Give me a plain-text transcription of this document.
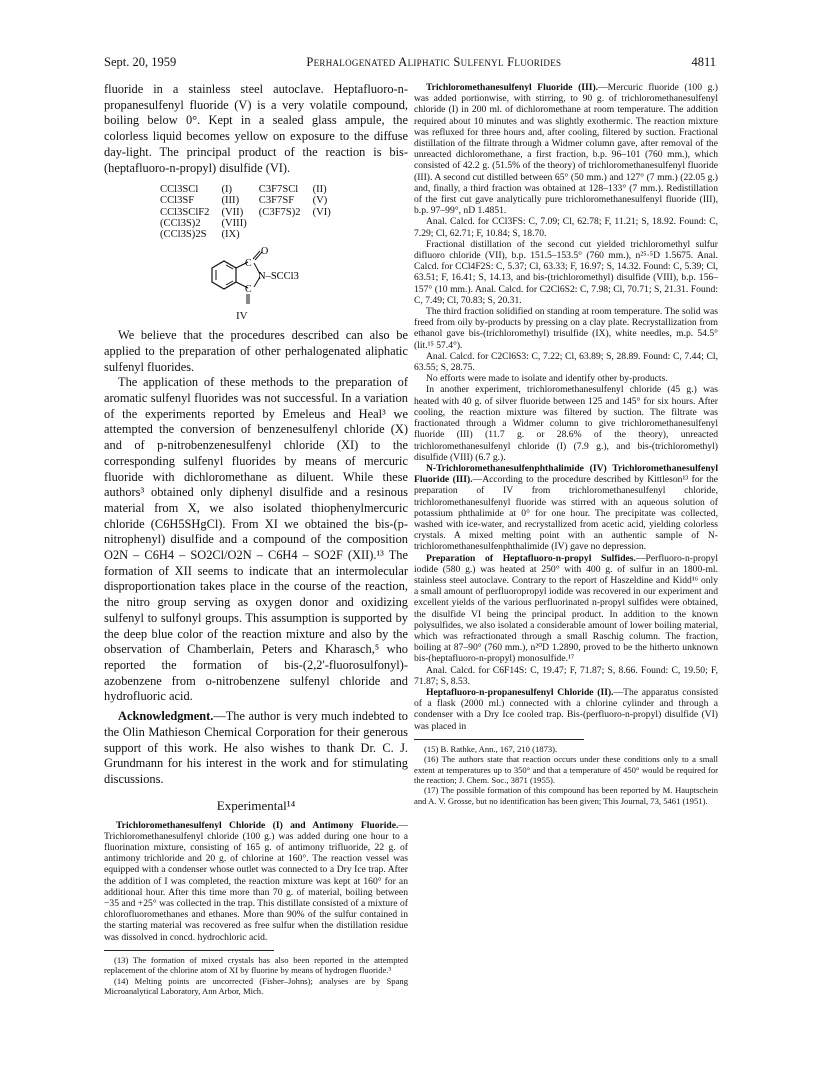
Sept. 20, 1959	Perhalogenated Aliphatic Sulfenyl Fluorides	4811

fluoride in a stainless steel autoclave. Heptafluoro-n-propanesulfenyl fluoride (V) is a very volatile compound, boiling below 0°. Kept in a sealed glass ampule, the colorless liquid becomes yellow on exposure to the diffuse day-light. The principal product of the reaction is bis-(heptafluoro-n-propyl) disulfide (VI).

CCl3SCl	(I)	C3F7SCl	(II)
CCl3SF	(III)	C3F7SF	(V)
CCl3SClF2	(VII)	(C3F7S)2	(VI)
(CCl3S)2	(VIII)		
(CCl3S)2S	(IX)		
C
C
O
N–SCCl3
IV

We believe that the procedures described can also be applied to the preparation of other perhalogenated aliphatic sulfenyl fluorides.

The application of these methods to the preparation of aromatic sulfenyl fluorides was not successful. In a variation of the experiments reported by Emeleus and Heal³ we attempted the conversion of benzenesulfenyl chloride (X) and of p-nitrobenzenesulfenyl chloride (XI) to the corresponding sulfenyl fluorides by means of mercuric fluoride with dichloromethane as diluent. While these authors³ obtained only diphenyl disulfide and a resinous material from X, we also isolated thiophenylmercuric chloride (C6H5SHgCl). From XI we obtained the bis-(p-nitrophenyl) disulfide and a compound of the composition O2N – C6H4 – SO2Cl/O2N – C6H4 – SO2F (XII).¹³ The formation of XII seems to indicate that an intermolecular disproportionation takes place in the course of the reaction, the nitro group serving as oxygen donor and oxidizing sulfenyl to sulfonyl groups. This assumption is supported by the deep blue color of the reaction mixture and also by the observation of Chamberlain, Peters and Kharasch,⁵ who reported the formation of bis-(2,2'-fluorosulfonyl)-azobenzene from o-nitrobenzene sulfenyl chloride and hydrofluoric acid.

Acknowledgment.—The author is very much indebted to the Olin Mathieson Chemical Corporation for their generous support of this work. He also wishes to thank Dr. C. J. Grundmann for his interest in the work and for stimulating discussions.

Experimental¹⁴

Trichloromethanesulfenyl Chloride (I) and Antimony Fluoride.—Trichloromethanesulfenyl chloride (100 g.) was added during one hour to a fluorination mixture, consisting of 165 g. of antimony trifluoride, 22 g. of antimony trichloride and 20 g. of chlorine at 160°. The reaction vessel was equipped with a condenser whose outlet was connected to a Dry Ice trap. After the addition of I was completed, the reaction mixture was kept at 160° for an additional hour. After this time more than 70 g. of material, boiling between −35 and +25° was collected in the trap. This distillate consisted of a mixture of chlorofluoromethanes and ethanes. More than 90% of the sulfur contained in the starting material was recovered as free sulfur when the distillation residue was dissolved in concd. hydrochloric acid.

(13) The formation of mixed crystals has also been reported in the attempted replacement of the chlorine atom of XI by fluorine by means of hydrogen fluoride.³

(14) Melting points are uncorrected (Fisher–Johns); analyses are by Spang Microanalytical Laboratory, Ann Arbor, Mich.

Trichloromethanesulfenyl Fluoride (III).—Mercuric fluoride (100 g.) was added portionwise, with stirring, to 90 g. of trichloromethanesulfenyl chloride (I) in 200 ml. of dichloromethane at room temperature. The addition required about 10 minutes and was slightly exothermic. The reaction mixture was refluxed for three hours and, after cooling, filtered by suction. Fractional distillation of the filtrate through a Widmer column gave, after removal of the unreacted dichloromethane, a first fraction, b.p. 96–101 (760 mm.), which consisted of 42.2 g. (51.5% of the theory) of trichloromethanesulfenyl fluoride (III). A second cut distilled between 65° (50 mm.) and 127° (7 mm.) (22.05 g.) and, finally, a third fraction was obtained at 128–133° (7 mm.). Redistillation of the first cut gave analytically pure trichloromethanesulfenyl fluoride (III), b.p. 97–99°, nD 1.4851.

Anal. Calcd. for CCl3FS: C, 7.09; Cl, 62.78; F, 11.21; S, 18.92. Found: C, 7.29; Cl, 62.71; F, 10.84; S, 18.70.

Fractional distillation of the second cut yielded trichloromethyl sulfur difluoro chloride (VII), b.p. 151.5–153.5° (760 mm.), n²⁵·⁵D 1.5675. Anal. Calcd. for CCl4F2S: C, 5.37; Cl, 63.33; F, 16.97; S, 14.32. Found: C, 5.39; Cl, 63.51; F, 16.41; S, 14.13, and bis-(trichloromethyl) disulfide (VIII), b.p. 156–157° (10 mm.). Anal. Calcd. for C2Cl6S2: C, 7.98; Cl, 70.71; S, 21.31. Found: C, 7.49; Cl, 70.83; S, 20.31.

The third fraction solidified on standing at room temperature. The solid was freed from oily by-products by pressing on a clay plate. Recrystallization from ethanol gave bis-(trichloromethyl) trisulfide (IX), white needles, m.p. 54.5° (lit.¹⁵ 57.4°).

Anal. Calcd. for C2Cl6S3: C, 7.22; Cl, 63.89; S, 28.89. Found: C, 7.44; Cl, 63.55; S, 28.75.

No efforts were made to isolate and identify other by-products.

In another experiment, trichloromethanesulfenyl chloride (45 g.) was heated with 40 g. of silver fluoride between 125 and 145° for six hours. After cooling, the reaction mixture was filtered by suction. The filtrate was fractionated through a Widmer column to give trichloromethanesulfenyl fluoride (III) (11.7 g. or 28.6% of the theory), unreacted trichloromethanesulfenyl chloride (I) (7.9 g.), and bis-(trichloromethyl) disulfide (VIII) (6.7 g.).

N-Trichloromethanesulfenphthalimide (IV) Trichloromethanesulfenyl Fluoride (III).—According to the procedure described by Kittleson¹³ for the preparation of IV from trichloromethanesulfenyl chloride, trichloromethanesulfenyl fluoride was stirred with an aqueous solution of potassium phthalimide at 0° for one hour. The precipitate was collected, washed with ice-water, and recrystallized from acetic acid, yielding colorless crystals. A mixed melting point with an authentic sample of N-trichloromethanesulfenphthalimide (IV) gave no depression.

Preparation of Heptafluoro-n-propyl Sulfides.—Perfluoro-n-propyl iodide (580 g.) was heated at 250° with 400 g. of sulfur in an 1800-ml. stainless steel autoclave. Contrary to the report of Haszeldine and Kidd¹⁶ only a small amount of perfluoropropyl iodide was recovered in our experiment and excellent yields of the various perfluorinated n-propyl sulfides were obtained, the disulfide VI being the principal product. In addition to the known polysulfides, we also isolated a considerable amount of lower boiling material, which was refractionated through a small Raschig column. The fraction, boiling at 87–90° (760 mm.), n²⁰D 1.2890, proved to be the hitherto unknown bis-(heptafluoro-n-propyl) monosulfide.¹⁷

Anal. Calcd. for C6F14S: C, 19.47; F, 71.87; S, 8.66. Found: C, 19.50; F, 71.87; S, 8.53.

Heptafluoro-n-propanesulfenyl Chloride (II).—The apparatus consisted of a flask (2000 ml.) connected with a chlorine cylinder and through a condenser with a Dry Ice cooled trap. Bis-(perfluoro-n-propyl) disulfide (VI) was placed in

(15) B. Rathke, Ann., 167, 210 (1873).

(16) The authors state that reaction occurs under these conditions only to a small extent at temperatures up to 350° and that a temperature of 450° would be required for the reaction; J. Chem. Soc., 3871 (1955).

(17) The possible formation of this compound has been reported by M. Hauptschein and A. V. Grosse, but no identification has been given; This Journal, 73, 5461 (1951).
